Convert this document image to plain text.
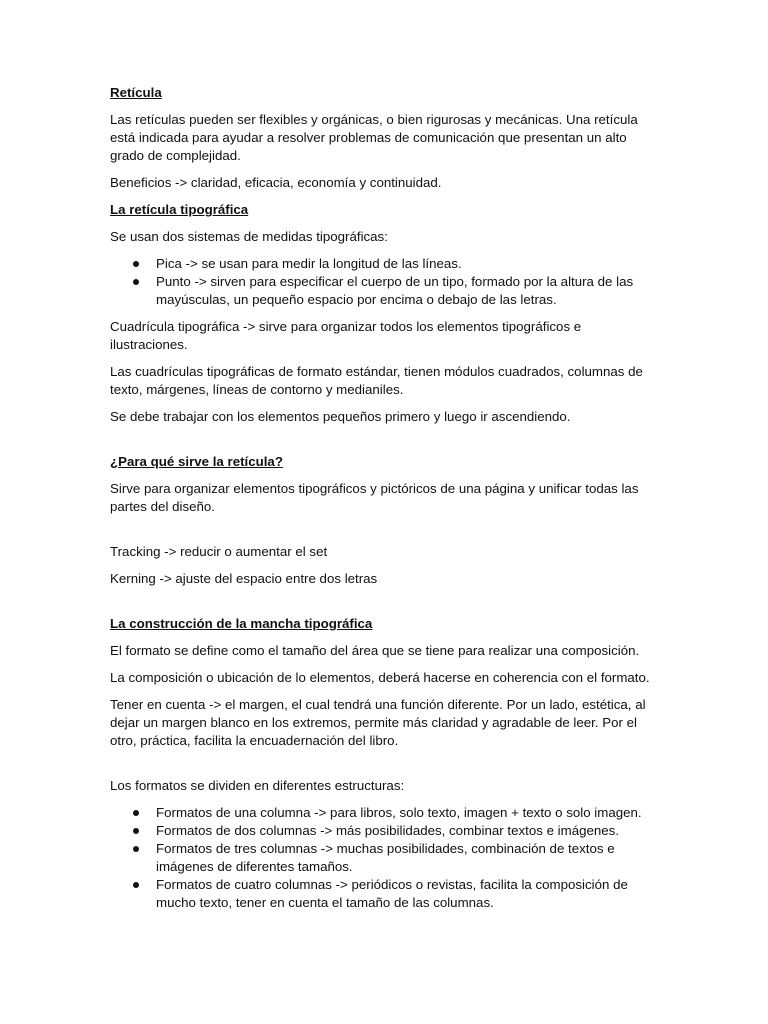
Retícula
Las retículas pueden ser flexibles y orgánicas, o bien rigurosas y mecánicas. Una retícula está indicada para ayudar a resolver problemas de comunicación que presentan un alto grado de complejidad.
Beneficios -> claridad, eficacia, economía y continuidad.
La retícula tipográfica
Se usan dos sistemas de medidas tipográficas:
Pica -> se usan para medir la longitud de las líneas.
Punto -> sirven para especificar el cuerpo de un tipo, formado por la altura de las mayúsculas, un pequeño espacio por encima o debajo de las letras.
Cuadrícula tipográfica -> sirve para organizar todos los elementos tipográficos e ilustraciones.
Las cuadrículas tipográficas de formato estándar, tienen módulos cuadrados, columnas de texto, márgenes, líneas de contorno y medianiles.
Se debe trabajar con los elementos pequeños primero y luego ir ascendiendo.
¿Para qué sirve la retícula?
Sirve para organizar elementos tipográficos y pictóricos de una página y unificar todas las partes del diseño.
Tracking -> reducir o aumentar el set
Kerning -> ajuste del espacio entre dos letras
La construcción de la mancha tipográfica
El formato se define como el tamaño del área que se tiene para realizar una composición.
La composición o ubicación de lo elementos, deberá hacerse en coherencia con el formato.
Tener en cuenta -> el margen, el cual tendrá una función diferente. Por un lado, estética, al dejar un margen blanco en los extremos, permite más claridad y agradable de leer. Por el otro, práctica, facilita la encuadernación del libro.
Los formatos se dividen en diferentes estructuras:
Formatos de una columna -> para libros, solo texto, imagen + texto o solo imagen.
Formatos de dos columnas -> más posibilidades, combinar textos e imágenes.
Formatos de tres columnas -> muchas posibilidades, combinación de textos e imágenes de diferentes tamaños.
Formatos de cuatro columnas -> periódicos o revistas, facilita la composición de mucho texto, tener en cuenta el tamaño de las columnas.
